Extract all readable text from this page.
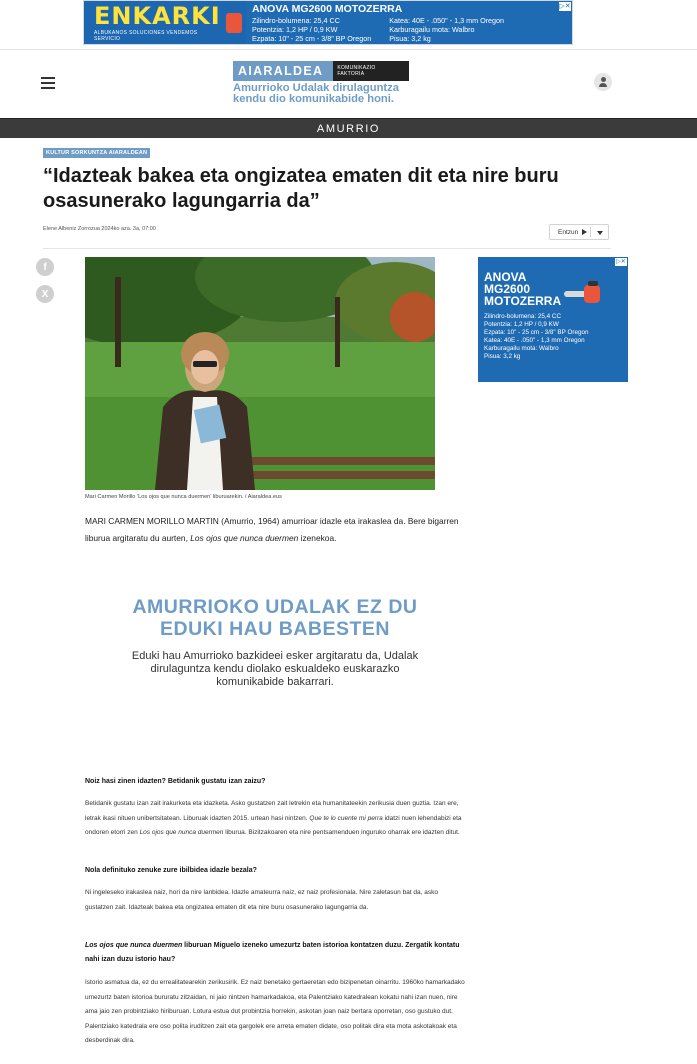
ENKARKI
ALBUKANOS SOLUCIONES VENDEMOS SERVICIO
ANOVA MG2600 MOTOZERRA
Zilindro-bolumena: 25,4 CC
Potentzia: 1,2 HP / 0,9 KW
Ezpata: 10" - 25 cm - 3/8" BP Oregon
Katea: 40E - .050" - 1,3 mm Oregon
Karburagailu mota: Walbro
Pisua: 3,2 kg
▷✕
AIARALDEA	KOMUNIKAZIO FAKTORIA
Amurrioko Udalak dirulaguntza kendu dio komunikabide honi.
AMURRIO
KULTUR SORKUNTZA AIARALDEAN
“Idazteak bakea eta ongizatea ematen dit eta nire buru osasunerako lagungarria da”
Elene Albeniz Zorrozua 2024ko aza. 3a, 07:00	Entzun
f
X
Mari Carmen Morillo ‘Los ojos que nunca duermen’ liburuarekin. / Aiaraldea.eus
ANOVA
MG2600
MOTOZERRA
Zilindro-bolumena: 25,4 CC
Potentzia: 1,2 HP / 0,9 KW
Ezpata: 10" - 25 cm - 3/8" BP Oregon
Katea: 40E - .050" - 1,3 mm Oregon
Karburagailu mota: Walbro
Pisua: 3,2 kg
▷✕

MARI CARMEN MORILLO MARTIN (Amurrio, 1964) amurrioar idazle eta irakaslea da. Bere bigarren liburua argitaratu du aurten, Los ojos que nunca duermen izenekoa.

AMURRIOKO UDALAK EZ DU EDUKI HAU BABESTEN
Eduki hau Amurrioko bazkideei esker argitaratu da, Udalak dirulaguntza kendu diolako eskualdeko euskarazko komunikabide bakarrari.
Noiz hasi zinen idazten? Betidanik gustatu izan zaizu?

Betidanik gustatu izan zait irakurketa eta idazketa. Asko gustatzen zait letrekin eta humanitateekin zerikusia duen guztia. Izan ere, letrak ikasi nituen unibertsitatean. Liburuak idazten 2015. urtean hasi nintzen. Que te lo cuente mi perra idatzi nuen lehendabizi eta ondoren etorri zen Los ojos que nunca duermen liburua. Bizitzakoaren eta nire pentsamenduen inguruko oharrak ere idazten ditut.

Nola definituko zenuke zure ibilbidea idazle bezala?

Ni ingeleseko irakaslea naiz, hori da nire lanbidea. Idazle amateurra naiz, ez naiz profesionala. Nire zaletasun bat da, asko gustatzen zait. Idazteak bakea eta ongizatea ematen dit eta nire buru osasunerako lagungarria da.

Los ojos que nunca duermen liburuan Miguelo izeneko umezurtz baten istorioa kontatzen duzu. Zergatik kontatu nahi izan duzu istorio hau?

Istorio asmatua da, ez du errealitatearekin zerikusirik. Ez naiz benetako gertaeretan edo bizipenetan oinarritu. 1960ko hamarkadako umezurtz baten istorioa bururatu zitzaidan, ni jaio nintzen hamarkadakoa, eta Palentziako katedralean kokatu nahi izan nuen, nire ama jaio zen probintziako hiriburuan. Lotura estua dut probintzia horrekin, askotan joan naiz bertara oporretan, oso gustuko dut. Palentziako katedrala ere oso polita iruditzen zait eta gargolek ere arreta ematen didate, oso politak dira eta mota askotakoak eta desberdinak dira.
